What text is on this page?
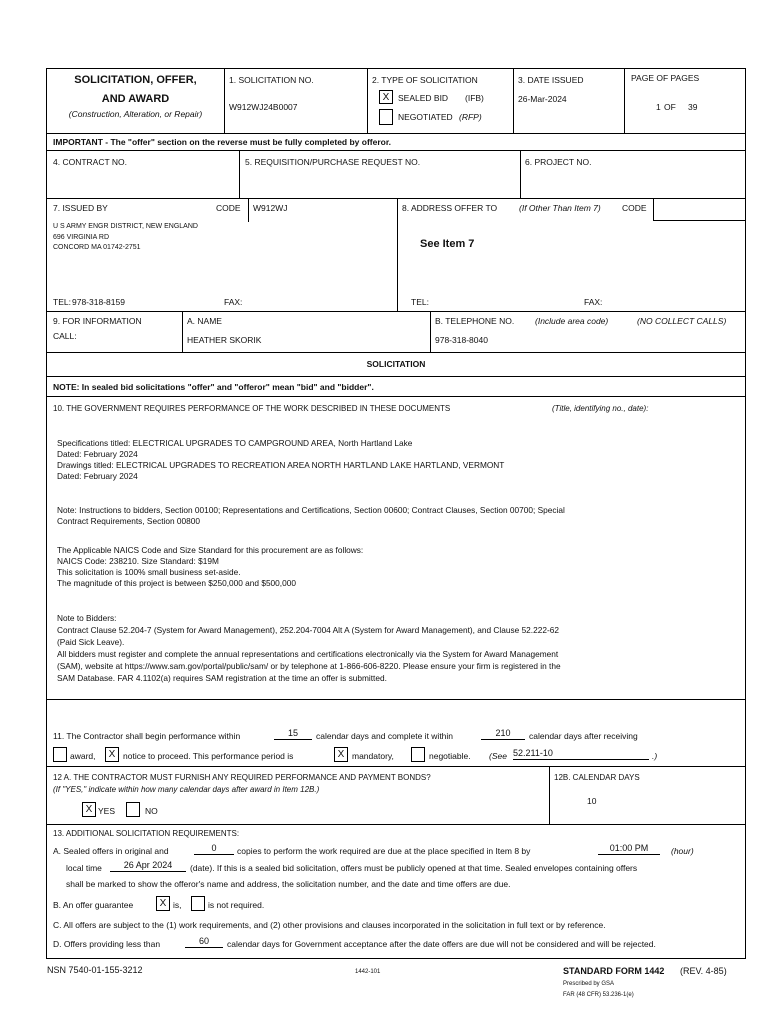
SOLICITATION, OFFER,
AND AWARD
(Construction, Alteration, or Repair)
1. SOLICITATION NO.
W912WJ24B0007
2. TYPE OF SOLICITATION
X	SEALED BID (IFB)
NEGOTIATED (RFP)
3. DATE ISSUED
26-Mar-2024
PAGE OF PAGES
1 OF 39
IMPORTANT - The "offer" section on the reverse must be fully completed by offeror.
4. CONTRACT NO.	5. REQUISITION/PURCHASE REQUEST NO.	6. PROJECT NO.
7. ISSUED BY	CODE W912WJ
U S ARMY ENGR DISTRICT, NEW ENGLAND
696 VIRGINIA RD
CONCORD MA 01742-2751
TEL: 978-318-8159	FAX:
8. ADDRESS OFFER TO	(If Other Than Item 7)	CODE
See Item 7
TEL:	FAX:
9. FOR INFORMATION
CALL:
A. NAME
HEATHER SKORIK
B. TELEPHONE NO. (Include area code)	(NO COLLECT CALLS)
978-318-8040
SOLICITATION
NOTE: In sealed bid solicitations "offer" and "offeror" mean "bid" and "bidder".
10. THE GOVERNMENT REQUIRES PERFORMANCE OF THE WORK DESCRIBED IN THESE DOCUMENTS	(Title, identifying no., date):
Specifications titled: ELECTRICAL UPGRADES TO CAMPGROUND AREA, North Hartland Lake
Dated: February 2024
Drawings titled: ELECTRICAL UPGRADES TO RECREATION AREA NORTH HARTLAND LAKE HARTLAND, VERMONT
Dated: February 2024
Note: Instructions to bidders, Section 00100; Representations and Certifications, Section 00600; Contract Clauses, Section 00700; Special
Contract Requirements, Section 00800
The Applicable NAICS Code and Size Standard for this procurement are as follows:
NAICS Code: 238210. Size Standard: $19M
This solicitation is 100% small business set-aside.
The magnitude of this project is between $250,000 and $500,000
Note to Bidders:
Contract Clause 52.204-7 (System for Award Management), 252.204-7004 Alt A (System for Award Management), and Clause 52.222-62
(Paid Sick Leave).
All bidders must register and complete the annual representations and certifications electronically via the System for Award Management
(SAM), website at https://www.sam.gov/portal/public/sam/ or by telephone at 1-866-606-8220. Please ensure your firm is registered in the
SAM Database. FAR 4.1102(a) requires SAM registration at the time an offer is submitted.
11. The Contractor shall begin performance within	15	calendar days and complete it within	210	calendar days after receiving
award,	X notice to proceed. This performance period is	X mandatory,	negotiable. (See 52.211-10	.)
12 A. THE CONTRACTOR MUST FURNISH ANY REQUIRED PERFORMANCE AND PAYMENT BONDS?
(If "YES," indicate within how many calendar days after award in Item 12B.)
X YES	NO
12B. CALENDAR DAYS
10
13. ADDITIONAL SOLICITATION REQUIREMENTS:
A. Sealed offers in original and	0	copies to perform the work required are due at the place specified in Item 8 by	01:00 PM	(hour)
local time	26 Apr 2024	(date). If this is a sealed bid solicitation, offers must be publicly opened at that time. Sealed envelopes containing offers
shall be marked to show the offeror's name and address, the solicitation number, and the date and time offers are due.
B. An offer guarantee	X is,	is not required.
C. All offers are subject to the (1) work requirements, and (2) other provisions and clauses incorporated in the solicitation in full text or by reference.
D. Offers providing less than	60	calendar days for Government acceptance after the date offers are due will not be considered and will be rejected.
NSN 7540-01-155-3212	1442-101	STANDARD FORM 1442 (REV. 4-85)
Prescribed by GSA
FAR (48 CFR) 53.236-1(e)
